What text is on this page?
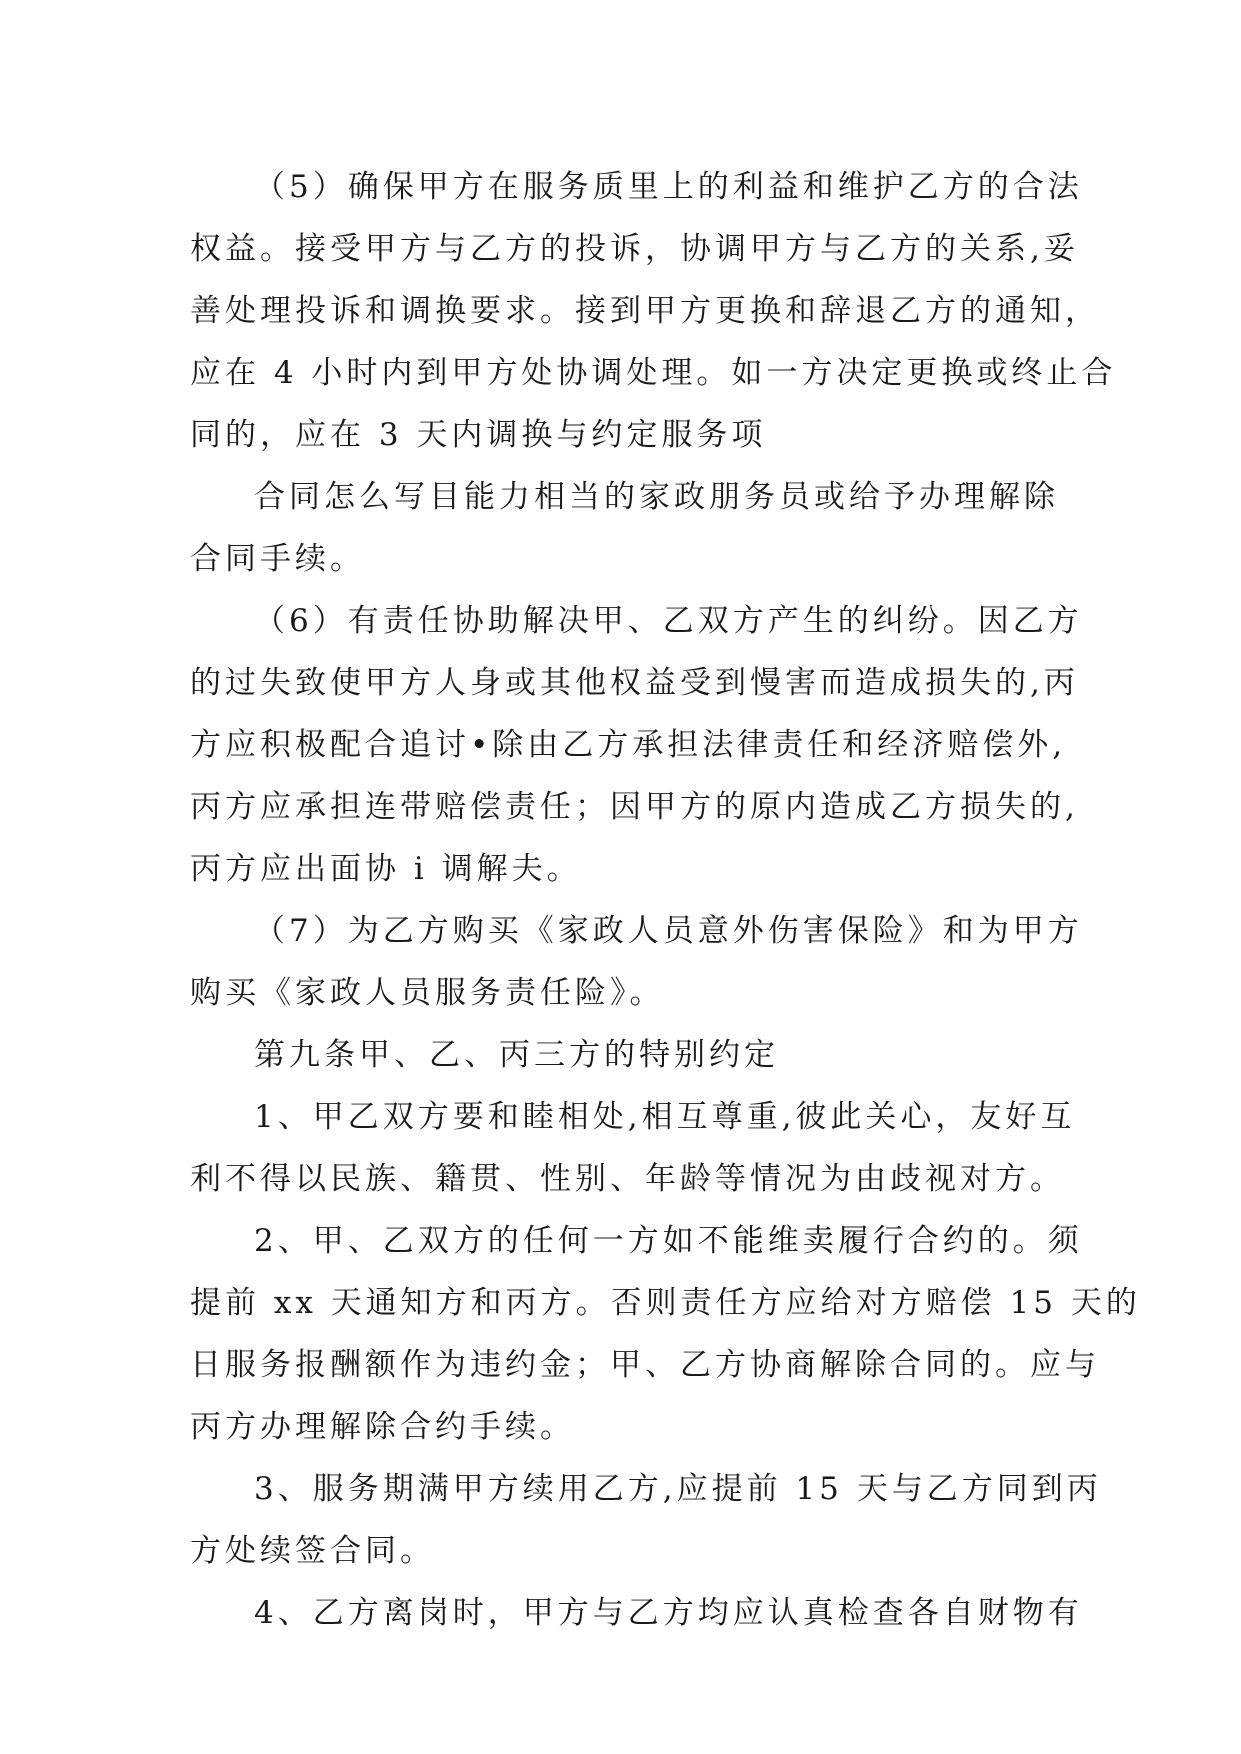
（5）确保甲方在服务质里上的利益和维护乙方的合法
权益。接受甲方与乙方的投诉，协调甲方与乙方的关系,妥
善处理投诉和调换要求。接到甲方更换和辞退乙方的通知，
应在 4 小时内到甲方处协调处理。如一方决定更换或终止合
同的，应在 3 天内调换与约定服务项
合同怎么写目能力相当的家政朋务员或给予办理解除
合同手续。
（6）有责任协助解决甲、乙双方产生的纠纷。因乙方
的过失致使甲方人身或其他权益受到慢害而造成损失的,丙
方应积极配合追讨•除由乙方承担法律责任和经济赔偿外,
丙方应承担连带赔偿责任；因甲方的原内造成乙方损失的,
丙方应出面协 i 调解夫。
（7）为乙方购买《家政人员意外伤害保险》和为甲方
购买《家政人员服务责任险》。
第九条甲、乙、丙三方的特别约定
1、甲乙双方要和睦相处,相互尊重,彼此关心，友好互
利不得以民族、籍贯、性别、年龄等情况为由歧视对方。
2、甲、乙双方的任何一方如不能维卖履行合约的。须
提前 xx 天通知方和丙方。否则责任方应给对方赔偿 15 天的
日服务报酬额作为违约金；甲、乙方协商解除合同的。应与
丙方办理解除合约手续。
3、服务期满甲方续用乙方,应提前 15 天与乙方同到丙
方处续签合同。
4、乙方离岗时，甲方与乙方均应认真检查各自财物有
